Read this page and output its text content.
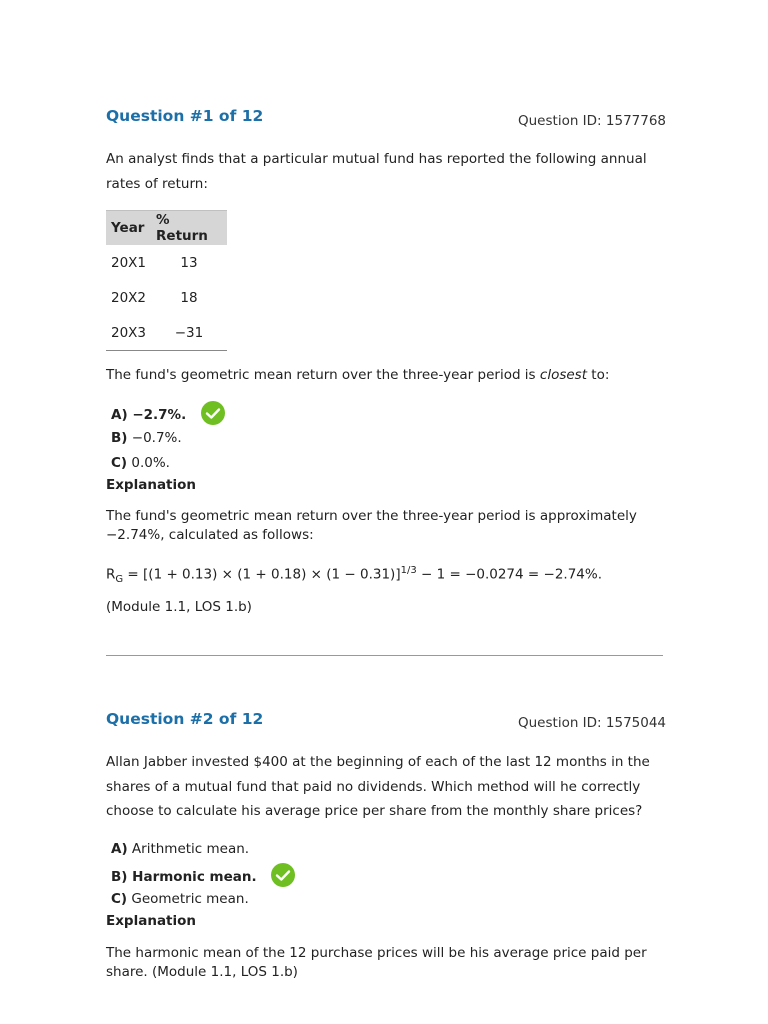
Question #1 of 12	Question ID: 1577768
An analyst finds that a particular mutual fund has reported the following annual
rates of return:
Year	% Return
20X1	13
20X2	18
20X3	−31
The fund's geometric mean return over the three-year period is closest to:
A) −2.7%.
B) −0.7%.
C) 0.0%.
Explanation
The fund's geometric mean return over the three-year period is approximately
−2.74%, calculated as follows:
$R_G = [(1 + 0.13) \times (1 + 0.18) \times (1 - 0.31)]^{1/3} - 1 = -0.0274 = -2.74\%$.
(Module 1.1, LOS 1.b)
Question #2 of 12	Question ID: 1575044
Allan Jabber invested $400 at the beginning of each of the last 12 months in the
shares of a mutual fund that paid no dividends. Which method will he correctly
choose to calculate his average price per share from the monthly share prices?
A) Arithmetic mean.
B) Harmonic mean.
C) Geometric mean.
Explanation
The harmonic mean of the 12 purchase prices will be his average price paid per
share. (Module 1.1, LOS 1.b)
